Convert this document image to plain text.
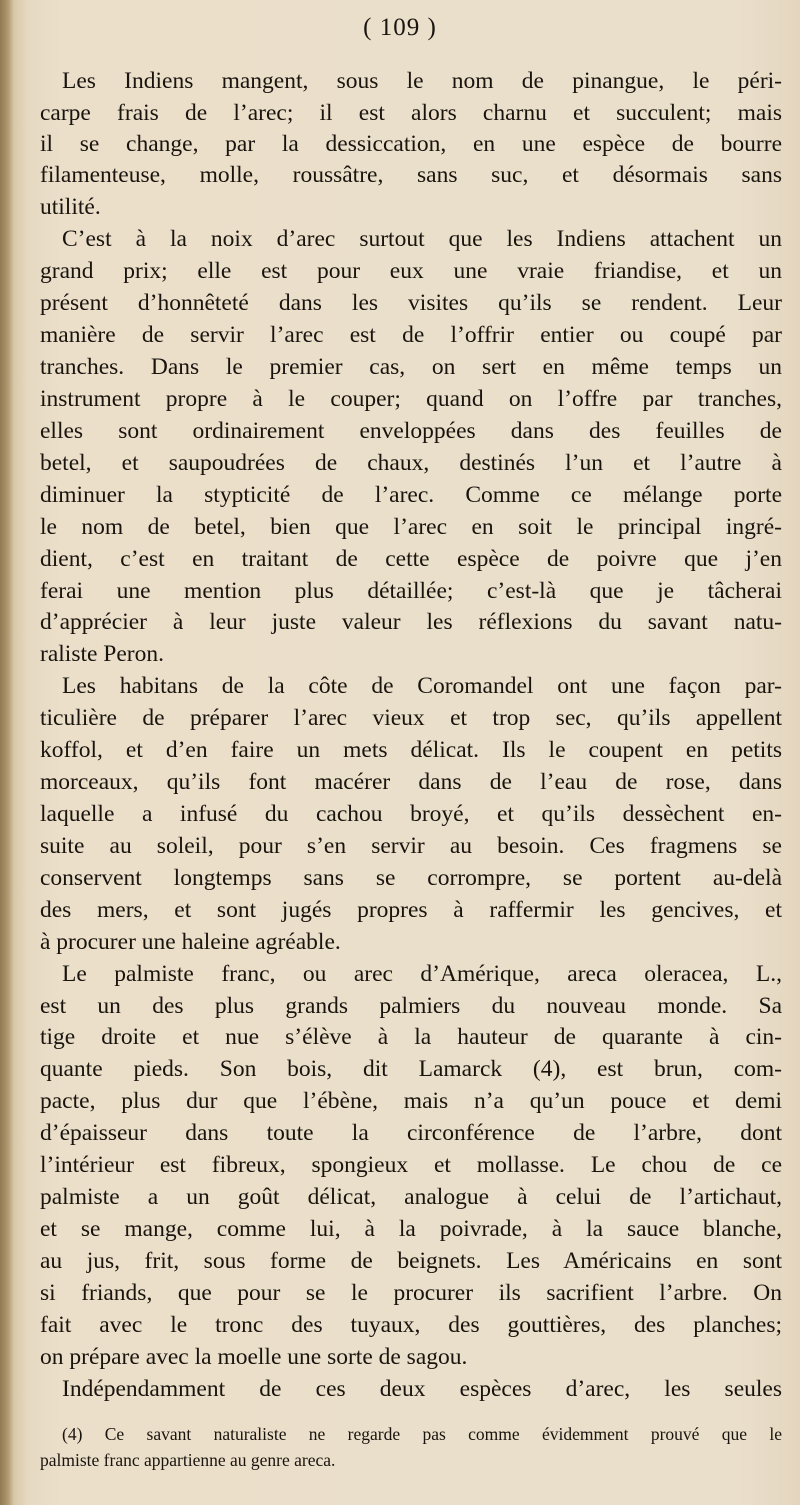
( 109 )
Les Indiens mangent, sous le nom de pinangue, le péri-
carpe frais de l’arec; il est alors charnu et succulent; mais
il se change, par la dessiccation, en une espèce de bourre
filamenteuse, molle, roussâtre, sans suc, et désormais sans
utilité.
C’est à la noix d’arec surtout que les Indiens attachent un
grand prix; elle est pour eux une vraie friandise, et un
présent d’honnêteté dans les visites qu’ils se rendent. Leur
manière de servir l’arec est de l’offrir entier ou coupé par
tranches. Dans le premier cas, on sert en même temps un
instrument propre à le couper; quand on l’offre par tranches,
elles sont ordinairement enveloppées dans des feuilles de
betel, et saupoudrées de chaux, destinés l’un et l’autre à
diminuer la stypticité de l’arec. Comme ce mélange porte
le nom de betel, bien que l’arec en soit le principal ingré-
dient, c’est en traitant de cette espèce de poivre que j’en
ferai une mention plus détaillée; c’est-là que je tâcherai
d’apprécier à leur juste valeur les réflexions du savant natu-
raliste Peron.
Les habitans de la côte de Coromandel ont une façon par-
ticulière de préparer l’arec vieux et trop sec, qu’ils appellent
koffol, et d’en faire un mets délicat. Ils le coupent en petits
morceaux, qu’ils font macérer dans de l’eau de rose, dans
laquelle a infusé du cachou broyé, et qu’ils dessèchent en-
suite au soleil, pour s’en servir au besoin. Ces fragmens se
conservent longtemps sans se corrompre, se portent au-delà
des mers, et sont jugés propres à raffermir les gencives, et
à procurer une haleine agréable.
Le palmiste franc, ou arec d’Amérique, areca oleracea, L.,
est un des plus grands palmiers du nouveau monde. Sa
tige droite et nue s’élève à la hauteur de quarante à cin-
quante pieds. Son bois, dit Lamarck (4), est brun, com-
pacte, plus dur que l’ébène, mais n’a qu’un pouce et demi
d’épaisseur dans toute la circonférence de l’arbre, dont
l’intérieur est fibreux, spongieux et mollasse. Le chou de ce
palmiste a un goût délicat, analogue à celui de l’artichaut,
et se mange, comme lui, à la poivrade, à la sauce blanche,
au jus, frit, sous forme de beignets. Les Américains en sont
si friands, que pour se le procurer ils sacrifient l’arbre. On
fait avec le tronc des tuyaux, des gouttières, des planches;
on prépare avec la moelle une sorte de sagou.
Indépendamment de ces deux espèces d’arec, les seules
(4) Ce savant naturaliste ne regarde pas comme évidemment prouvé que le
palmiste franc appartienne au genre areca.
